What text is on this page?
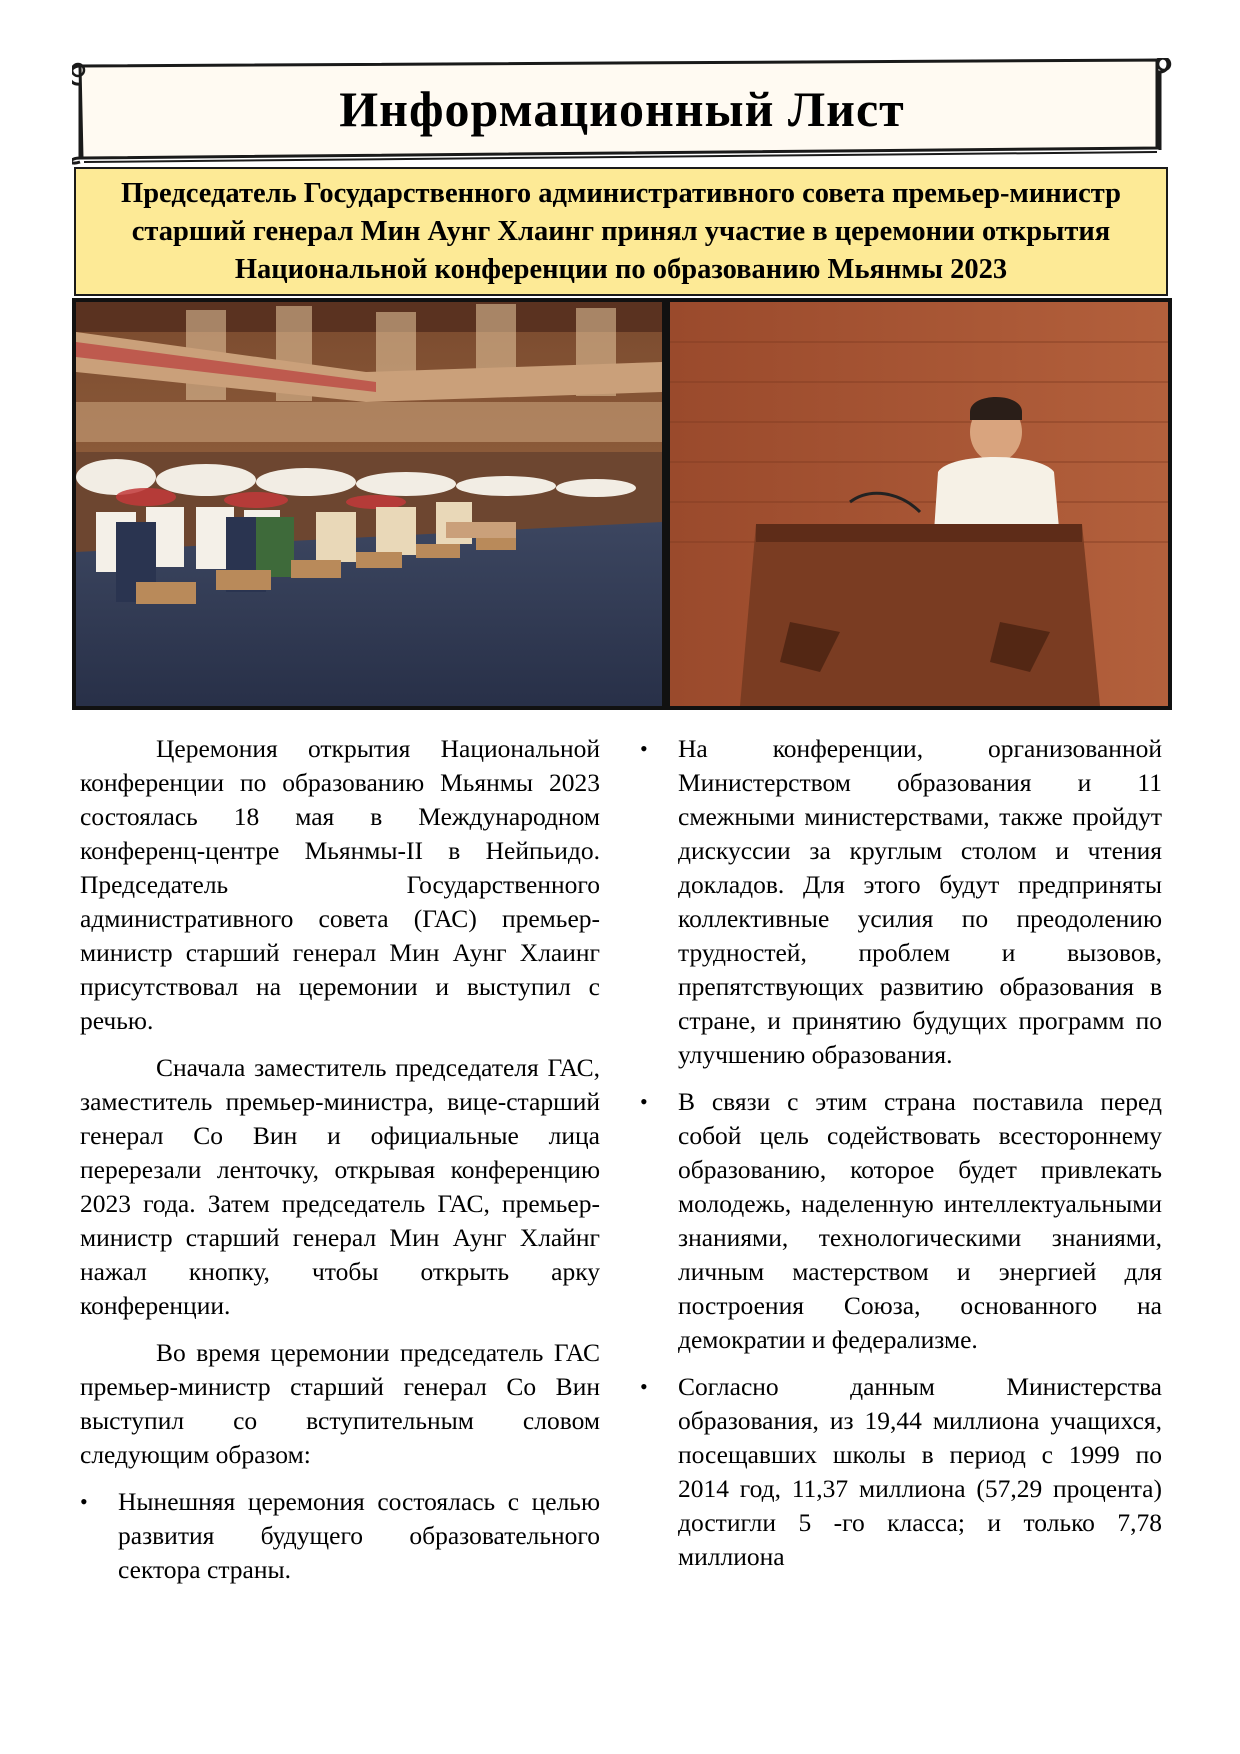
Информационный Лист
Председатель Государственного административного совета премьер-министр старший генерал Мин Аунг Хлаинг принял участие в церемонии открытия Национальной конференции по образованию Мьянмы 2023

Церемония открытия Национальной конференции по образованию Мьянмы 2023 состоялась 18 мая в Международном конференц-центре Мьянмы-II в Нейпьидо. Председатель Государственного административного совета (ГАС) премьер-министр старший генерал Мин Аунг Хлаинг присутствовал на церемонии и выступил с речью.

Сначала заместитель председателя ГАС, заместитель премьер-министра, вице-старший генерал Со Вин и официальные лица перерезали ленточку, открывая конференцию 2023 года. Затем председатель ГАС, премьер-министр старший генерал Мин Аунг Хлайнг нажал кнопку, чтобы открыть арку конференции.

Во время церемонии председатель ГАС премьер-министр старший генерал Со Вин выступил со вступительным словом следующим образом:

•	Нынешняя церемония состоялась с целью развития будущего образовательного сектора страны.
•	На конференции, организованной Министерством образования и 11 смежными министерствами, также пройдут дискуссии за круглым столом и чтения докладов. Для этого будут предприняты коллективные усилия по преодолению трудностей, проблем и вызовов, препятствующих развитию образования в стране, и принятию будущих программ по улучшению образования.
•	В связи с этим страна поставила перед собой цель содействовать всестороннему образованию, которое будет привлекать молодежь, наделенную интеллектуальными знаниями, технологическими знаниями, личным мастерством и энергией для построения Союза, основанного на демократии и федерализме.
•	Согласно данным Министерства образования, из 19,44 миллиона учащихся, посещавших школы в период с 1999 по 2014 год, 11,37 миллиона (57,29 процента) достигли 5 -го класса; и только 7,78 миллиона
